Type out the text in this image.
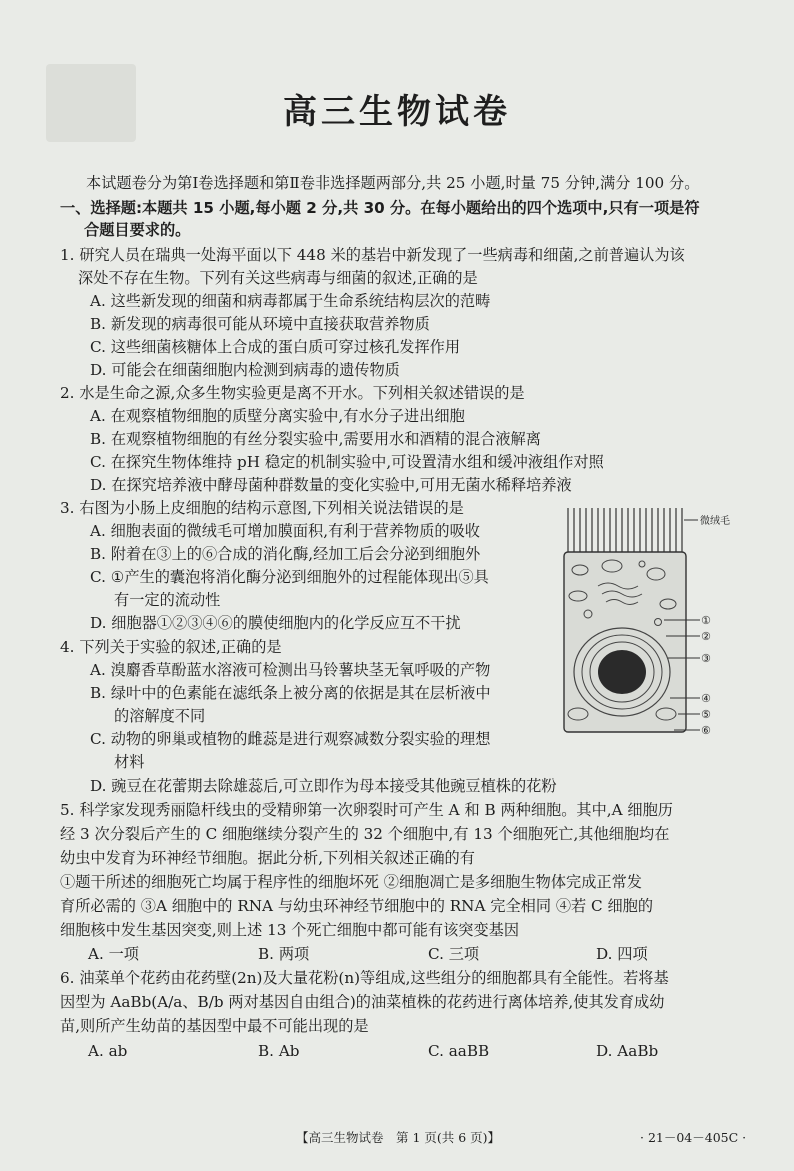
高三生物试卷
本试题卷分为第Ⅰ卷选择题和第Ⅱ卷非选择题两部分,共 25 小题,时量 75 分钟,满分 100 分。
一、选择题:本题共 15 小题,每小题 2 分,共 30 分。在每小题给出的四个选项中,只有一项是符
合题目要求的。
1. 研究人员在瑞典一处海平面以下 448 米的基岩中新发现了一些病毒和细菌,之前普遍认为该
深处不存在生物。下列有关这些病毒与细菌的叙述,正确的是
A. 这些新发现的细菌和病毒都属于生命系统结构层次的范畴
B. 新发现的病毒很可能从环境中直接获取营养物质
C. 这些细菌核糖体上合成的蛋白质可穿过核孔发挥作用
D. 可能会在细菌细胞内检测到病毒的遗传物质
2. 水是生命之源,众多生物实验更是离不开水。下列相关叙述错误的是
A. 在观察植物细胞的质壁分离实验中,有水分子进出细胞
B. 在观察植物细胞的有丝分裂实验中,需要用水和酒精的混合液解离
C. 在探究生物体维持 pH 稳定的机制实验中,可设置清水组和缓冲液组作对照
D. 在探究培养液中酵母菌种群数量的变化实验中,可用无菌水稀释培养液
3. 右图为小肠上皮细胞的结构示意图,下列相关说法错误的是
A. 细胞表面的微绒毛可增加膜面积,有利于营养物质的吸收
B. 附着在③上的⑥合成的消化酶,经加工后会分泌到细胞外
C. ①产生的囊泡将消化酶分泌到细胞外的过程能体现出⑤具
有一定的流动性
D. 细胞器①②③④⑥的膜使细胞内的化学反应互不干扰
4. 下列关于实验的叙述,正确的是
A. 溴麝香草酚蓝水溶液可检测出马铃薯块茎无氧呼吸的产物
B. 绿叶中的色素能在滤纸条上被分离的依据是其在层析液中
的溶解度不同
C. 动物的卵巢或植物的雌蕊是进行观察减数分裂实验的理想
材料
D. 豌豆在花蕾期去除雄蕊后,可立即作为母本接受其他豌豆植株的花粉
5. 科学家发现秀丽隐杆线虫的受精卵第一次卵裂时可产生 A 和 B 两种细胞。其中,A 细胞历
经 3 次分裂后产生的 C 细胞继续分裂产生的 32 个细胞中,有 13 个细胞死亡,其他细胞均在
幼虫中发育为环神经节细胞。据此分析,下列相关叙述正确的有
①题干所述的细胞死亡均属于程序性的细胞坏死 ②细胞凋亡是多细胞生物体完成正常发
育所必需的 ③A 细胞中的 RNA 与幼虫环神经节细胞中的 RNA 完全相同 ④若 C 细胞的
细胞核中发生基因突变,则上述 13 个死亡细胞中都可能有该突变基因
A. 一项	B. 两项	C. 三项	D. 四项
6. 油菜单个花药由花药壁(2n)及大量花粉(n)等组成,这些组分的细胞都具有全能性。若将基
因型为 AaBb(A/a、B/b 两对基因自由组合)的油菜植株的花药进行离体培养,使其发育成幼
苗,则所产生幼苗的基因型中最不可能出现的是
A. ab	B. Ab	C. aaBB	D. AaBb
微绒毛
①
②
③
④
⑤
⑥
【高三生物试卷　第 1 页(共 6 页)】	· 21－04－405C ·
